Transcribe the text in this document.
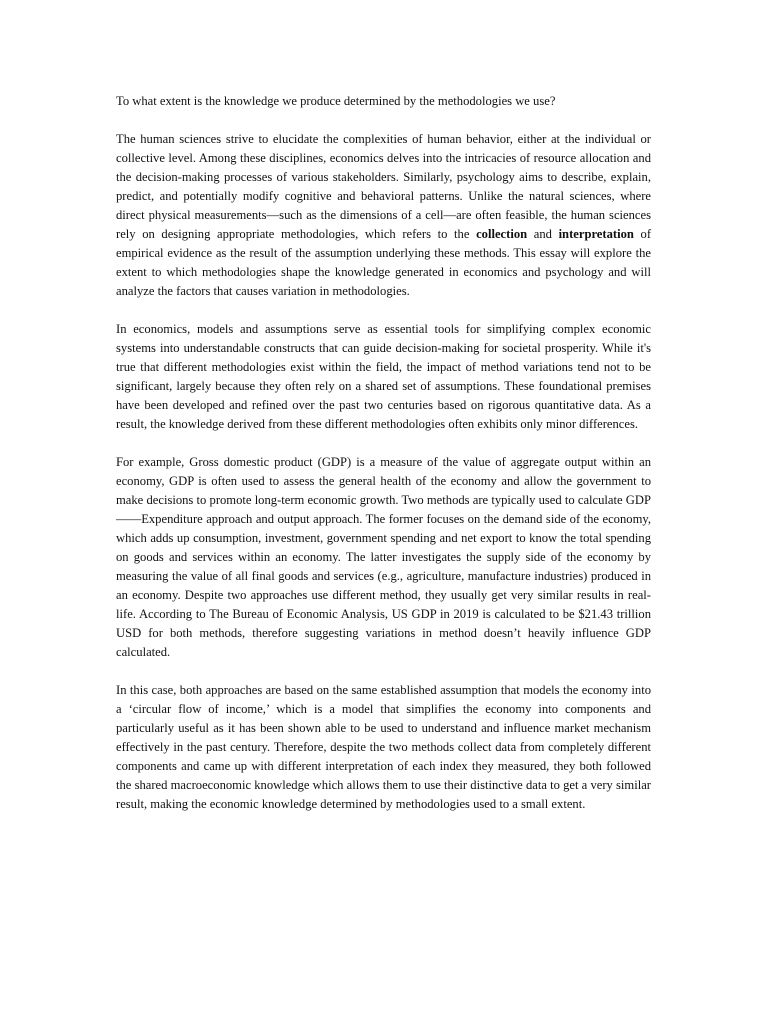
To what extent is the knowledge we produce determined by the methodologies we use?

The human sciences strive to elucidate the complexities of human behavior, either at the individual or collective level. Among these disciplines, economics delves into the intricacies of resource allocation and the decision-making processes of various stakeholders. Similarly, psychology aims to describe, explain, predict, and potentially modify cognitive and behavioral patterns. Unlike the natural sciences, where direct physical measurements—such as the dimensions of a cell—are often feasible, the human sciences rely on designing appropriate methodologies, which refers to the collection and interpretation of empirical evidence as the result of the assumption underlying these methods. This essay will explore the extent to which methodologies shape the knowledge generated in economics and psychology and will analyze the factors that causes variation in methodologies.

In economics, models and assumptions serve as essential tools for simplifying complex economic systems into understandable constructs that can guide decision-making for societal prosperity. While it's true that different methodologies exist within the field, the impact of method variations tend not to be significant, largely because they often rely on a shared set of assumptions. These foundational premises have been developed and refined over the past two centuries based on rigorous quantitative data. As a result, the knowledge derived from these different methodologies often exhibits only minor differences.

For example, Gross domestic product (GDP) is a measure of the value of aggregate output within an economy, GDP is often used to assess the general health of the economy and allow the government to make decisions to promote long-term economic growth. Two methods are typically used to calculate GDP ——Expenditure approach and output approach. The former focuses on the demand side of the economy, which adds up consumption, investment, government spending and net export to know the total spending on goods and services within an economy. The latter investigates the supply side of the economy by measuring the value of all final goods and services (e.g., agriculture, manufacture industries) produced in an economy. Despite two approaches use different method, they usually get very similar results in real-life. According to The Bureau of Economic Analysis, US GDP in 2019 is calculated to be $21.43 trillion USD for both methods, therefore suggesting variations in method doesn’t heavily influence GDP calculated.

In this case, both approaches are based on the same established assumption that models the economy into a ‘circular flow of income,’ which is a model that simplifies the economy into components and particularly useful as it has been shown able to be used to understand and influence market mechanism effectively in the past century. Therefore, despite the two methods collect data from completely different components and came up with different interpretation of each index they measured, they both followed the shared macroeconomic knowledge which allows them to use their distinctive data to get a very similar result, making the economic knowledge determined by methodologies used to a small extent.
